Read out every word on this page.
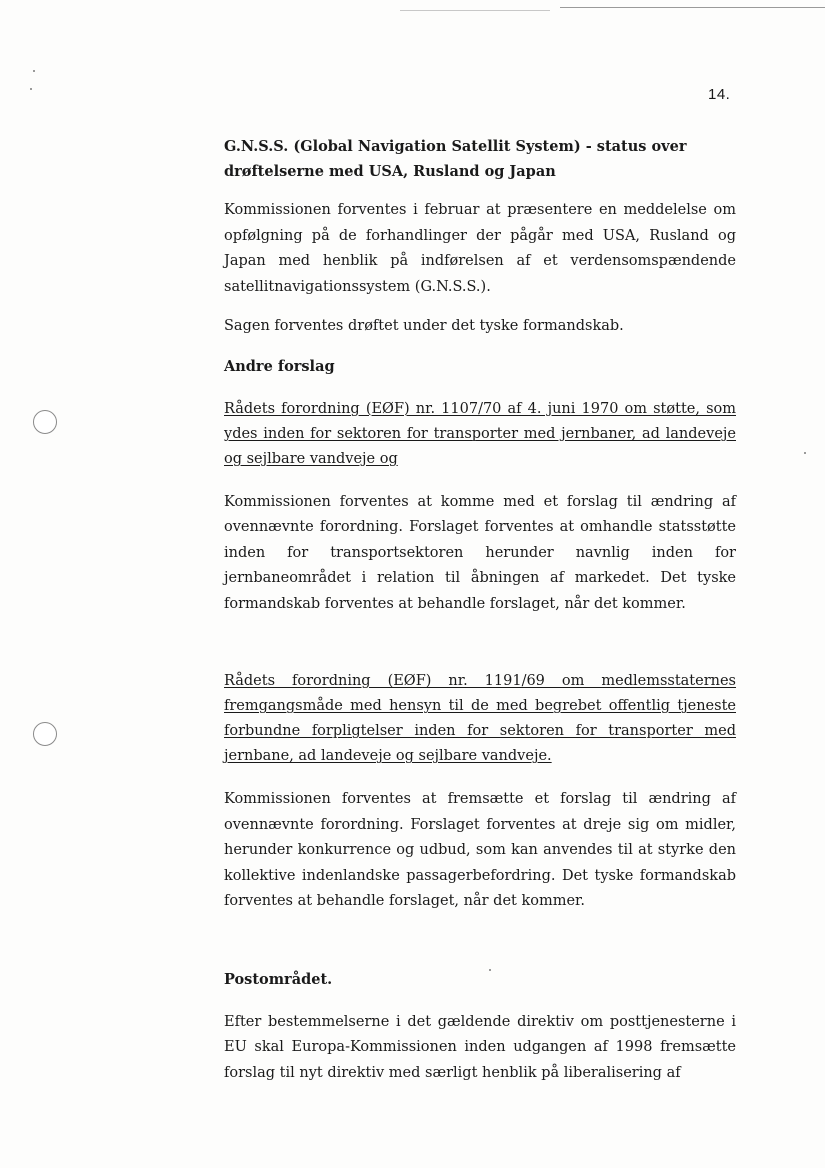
14.

G.N.S.S. (Global Navigation Satellit System) - status over drøftelserne med USA, Rusland og Japan

Kommissionen forventes i februar at præsentere en meddelelse om opfølgning på de forhandlinger der pågår med USA, Rusland og Japan med henblik på indførelsen af et verdensomspændende satellitnavigationssystem (G.N.S.S.).

Sagen forventes drøftet under det tyske formandskab.

Andre forslag

Rådets forordning (EØF) nr. 1107/70 af 4. juni 1970 om støtte, som ydes inden for sektoren for transporter med jernbaner, ad landeveje og sejlbare vandveje og

Kommissionen forventes at komme med et forslag til ændring af ovennævnte forordning. Forslaget forventes at omhandle statsstøtte inden for transportsektoren herunder navnlig inden for jernbaneområdet i relation til åbningen af markedet. Det tyske formandskab forventes at behandle forslaget, når det kommer.

Rådets forordning (EØF) nr. 1191/69 om medlemsstaternes fremgangsmåde med hensyn til de med begrebet offentlig tjeneste forbundne forpligtelser inden for sektoren for transporter med jernbane, ad landeveje og sejlbare vandveje.

Kommissionen forventes at fremsætte et forslag til ændring af ovennævnte forordning. Forslaget forventes at dreje sig om midler, herunder konkurrence og udbud, som kan anvendes til at styrke den kollektive indenlandske passagerbefordring. Det tyske formandskab forventes at behandle forslaget, når det kommer.

Postområdet.

Efter bestemmelserne i det gældende direktiv om posttjenesterne i EU skal Europa-Kommissionen inden udgangen af 1998 fremsætte forslag til nyt direktiv med særligt henblik på liberalisering af
